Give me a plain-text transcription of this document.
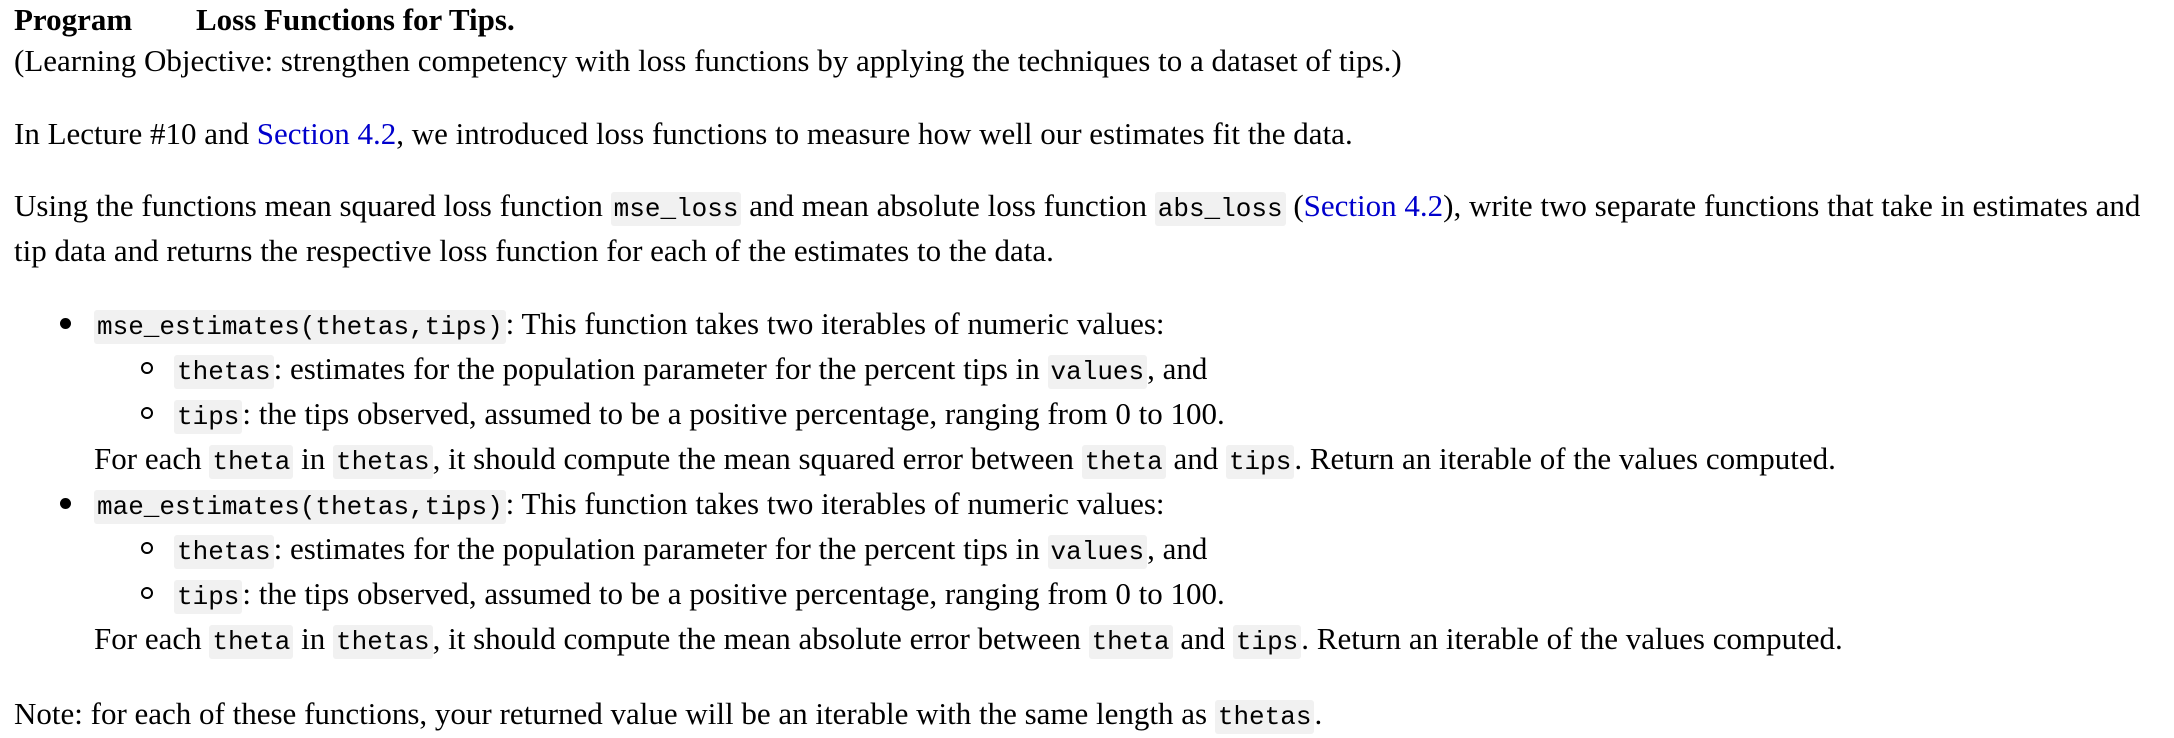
Program Loss Functions for Tips.

(Learning Objective: strengthen competency with loss functions by applying the techniques to a dataset of tips.)

In Lecture #10 and Section 4.2, we introduced loss functions to measure how well our estimates fit the data.

Using the functions mean squared loss function mse_loss and mean absolute loss function abs_loss (Section 4.2), write two separate functions that take in estimates and tip data and returns the respective loss function for each of the estimates to the data.

mse_estimates(thetas,tips): This function takes two iterables of numeric values:
thetas: estimates for the population parameter for the percent tips in values, and
tips: the tips observed, assumed to be a positive percentage, ranging from 0 to 100.
For each theta in thetas, it should compute the mean squared error between theta and tips. Return an iterable of the values computed.
mae_estimates(thetas,tips): This function takes two iterables of numeric values:
thetas: estimates for the population parameter for the percent tips in values, and
tips: the tips observed, assumed to be a positive percentage, ranging from 0 to 100.
For each theta in thetas, it should compute the mean absolute error between theta and tips. Return an iterable of the values computed.

Note: for each of these functions, your returned value will be an iterable with the same length as thetas.
